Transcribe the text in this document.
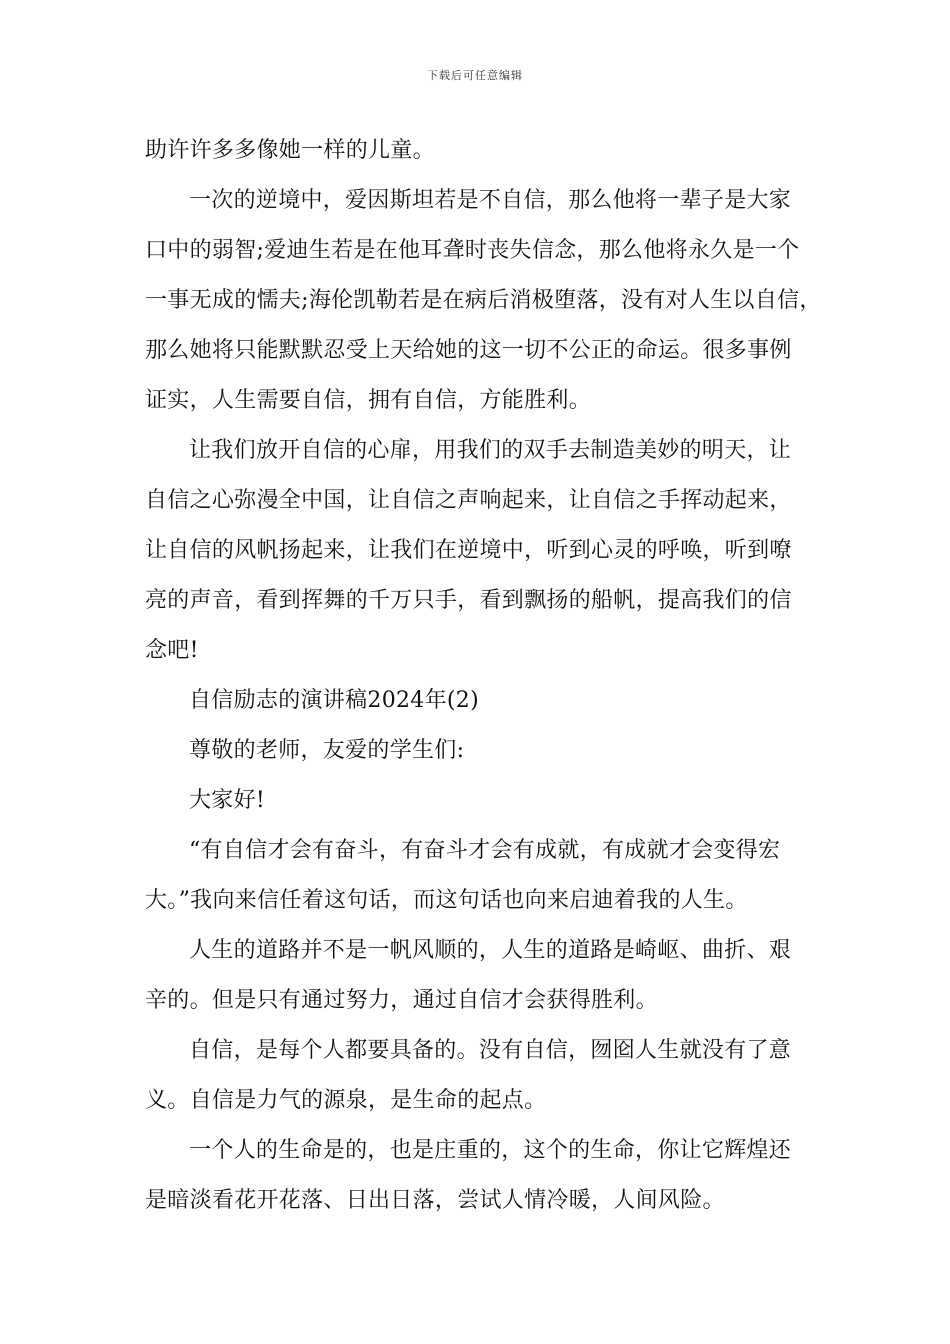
下载后可任意编辑
助许许多多像她一样的儿童。
一次的逆境中，爱因斯坦若是不自信，那么他将一辈子是大家
口中的弱智;爱迪生若是在他耳聋时丧失信念，那么他将永久是一个
一事无成的懦夫;海伦凯勒若是在病后消极堕落，没有对人生以自信，
那么她将只能默默忍受上天给她的这一切不公正的命运。很多事例
证实，人生需要自信，拥有自信，方能胜利。
让我们放开自信的心扉，用我们的双手去制造美妙的明天，让
自信之心弥漫全中国，让自信之声响起来，让自信之手挥动起来，
让自信的风帆扬起来，让我们在逆境中，听到心灵的呼唤，听到嘹
亮的声音，看到挥舞的千万只手，看到飘扬的船帆，提高我们的信
念吧!
自信励志的演讲稿2024年(2)
尊敬的老师，友爱的学生们:
大家好!
“有自信才会有奋斗，有奋斗才会有成就，有成就才会变得宏
大。”我向来信任着这句话，而这句话也向来启迪着我的人生。
人生的道路并不是一帆风顺的，人生的道路是崎岖、曲折、艰
辛的。但是只有通过努力，通过自信才会获得胜利。
自信，是每个人都要具备的。没有自信，囫囵人生就没有了意
义。自信是力气的源泉，是生命的起点。
一个人的生命是的，也是庄重的，这个的生命，你让它辉煌还
是暗淡看花开花落、日出日落，尝试人情冷暖，人间风险。
